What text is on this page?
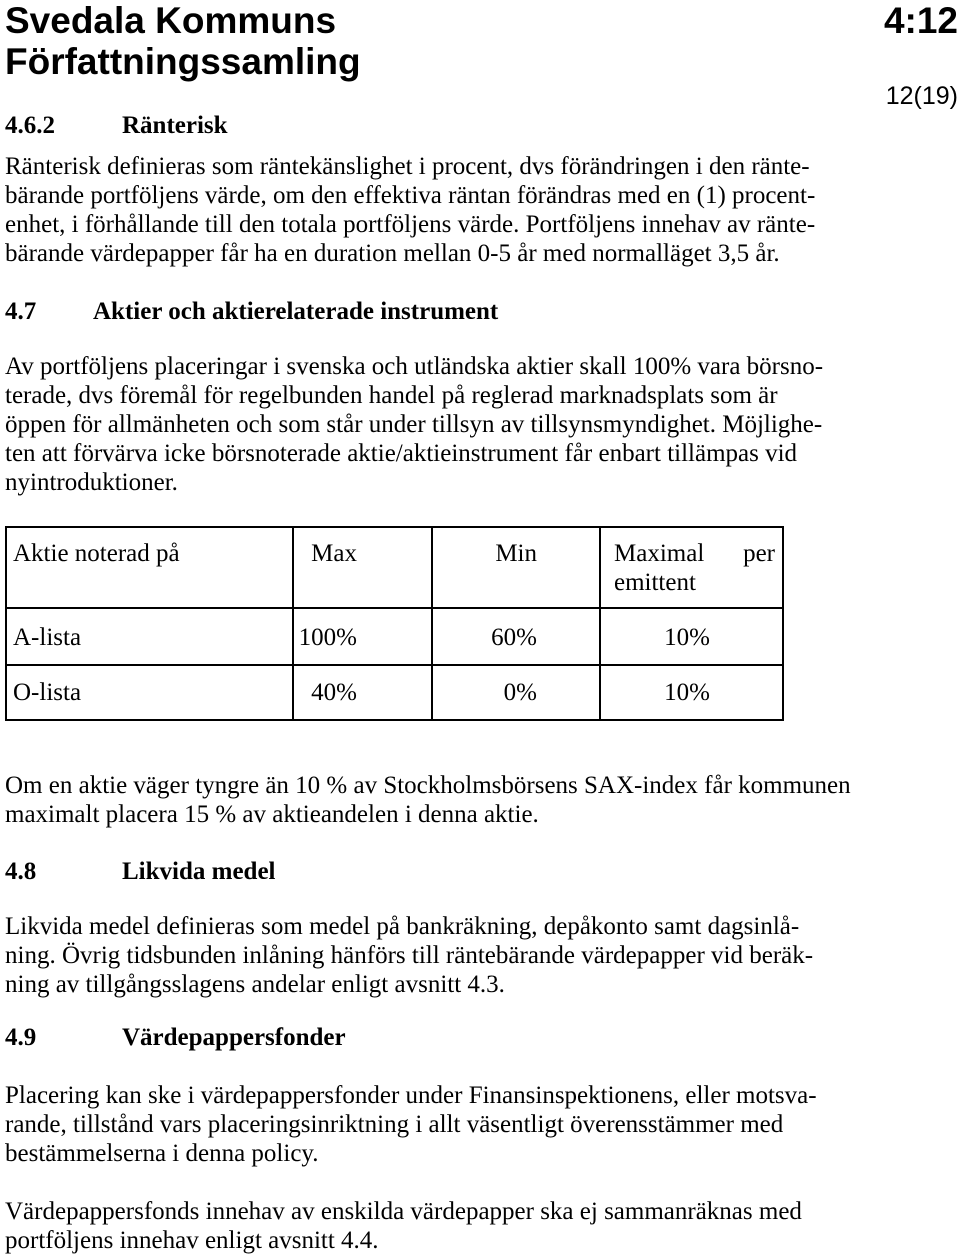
Svedala Kommuns
Författningssamling
4:12
12(19)
4.6.2	Ränterisk
Ränterisk definieras som räntekänslighet i procent, dvs förändringen i den ränte-
bärande portföljens värde, om den effektiva räntan förändras med en (1) procent-
enhet, i förhållande till den totala portföljens värde. Portföljens innehav av ränte-
bärande värdepapper får ha en duration mellan 0-5 år med normalläget 3,5 år.
4.7 Aktier och aktierelaterade instrument
Av portföljens placeringar i svenska och utländska aktier skall 100% vara börsno-
terade, dvs föremål för regelbunden handel på reglerad marknadsplats som är
öppen för allmänheten och som står under tillsyn av tillsynsmyndighet. Möjlighe-
ten att förvärva icke börsnoterade aktie/aktieinstrument får enbart tillämpas vid
nyintroduktioner.
Aktie noterad på	Max	Min	Maximal per emittent
A-lista	100%	60%	10%
O-lista	40%	0%	10%
Om en aktie väger tyngre än 10 % av Stockholmsbörsens SAX-index får kommunen
maximalt placera 15 % av aktieandelen i denna aktie.
4.8	Likvida medel
Likvida medel definieras som medel på bankräkning, depåkonto samt dagsinlå-
ning. Övrig tidsbunden inlåning hänförs till räntebärande värdepapper vid beräk-
ning av tillgångsslagens andelar enligt avsnitt 4.3.
4.9	Värdepappersfonder
Placering kan ske i värdepappersfonder under Finansinspektionens, eller motsva-
rande, tillstånd vars placeringsinriktning i allt väsentligt överensstämmer med
bestämmelserna i denna policy.
Värdepappersfonds innehav av enskilda värdepapper ska ej sammanräknas med
portföljens innehav enligt avsnitt 4.4.
